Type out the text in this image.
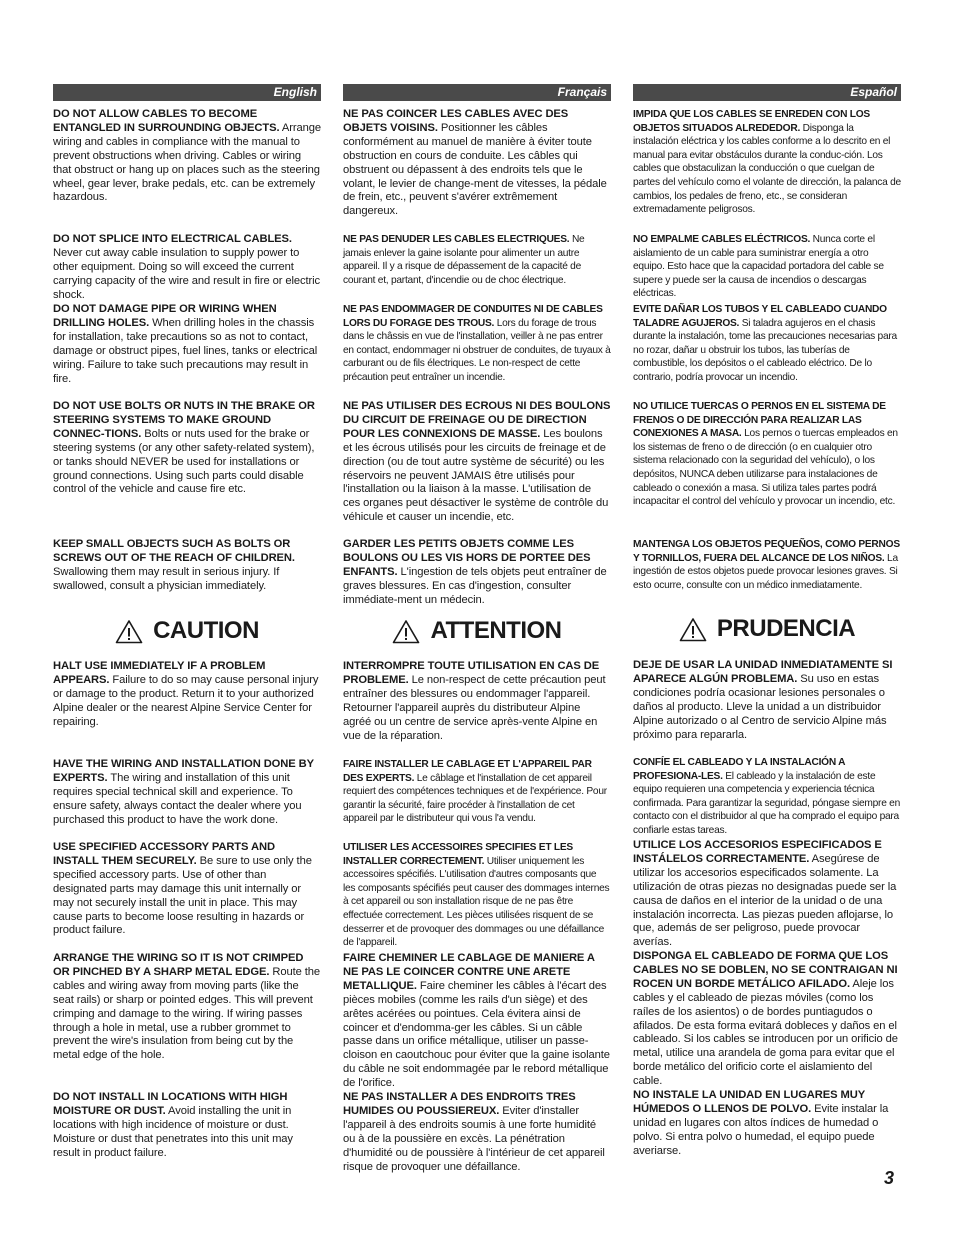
English
DO NOT ALLOW CABLES TO BECOME ENTANGLED IN SURROUNDING OBJECTS. Arrange wiring and cables in compliance with the manual to prevent obstructions when driving. Cables or wiring that obstruct or hang up on places such as the steering wheel, gear lever, brake pedals, etc. can be extremely hazardous.
DO NOT SPLICE INTO ELECTRICAL CABLES. Never cut away cable insulation to supply power to other equipment. Doing so will exceed the current carrying capacity of the wire and result in fire or electric shock.
DO NOT DAMAGE PIPE OR WIRING WHEN DRILLING HOLES. When drilling holes in the chassis for installation, take precautions so as not to contact, damage or obstruct pipes, fuel lines, tanks or electrical wiring. Failure to take such precautions may result in fire.
DO NOT USE BOLTS OR NUTS IN THE BRAKE OR STEERING SYSTEMS TO MAKE GROUND CONNEC-TIONS. Bolts or nuts used for the brake or steering systems (or any other safety-related system), or tanks should NEVER be used for installations or ground connections. Using such parts could disable control of the vehicle and cause fire etc.
KEEP SMALL OBJECTS SUCH AS BOLTS OR SCREWS OUT OF THE REACH OF CHILDREN. Swallowing them may result in serious injury. If swallowed, consult a physician immediately.
CAUTION
HALT USE IMMEDIATELY IF A PROBLEM APPEARS. Failure to do so may cause personal injury or damage to the product. Return it to your authorized Alpine dealer or the nearest Alpine Service Center for repairing.
HAVE THE WIRING AND INSTALLATION DONE BY EXPERTS. The wiring and installation of this unit requires special technical skill and experience. To ensure safety, always contact the dealer where you purchased this product to have the work done.
USE SPECIFIED ACCESSORY PARTS AND INSTALL THEM SECURELY. Be sure to use only the specified accessory parts. Use of other than designated parts may damage this unit internally or may not securely install the unit in place. This may cause parts to become loose resulting in hazards or product failure.
ARRANGE THE WIRING SO IT IS NOT CRIMPED OR PINCHED BY A SHARP METAL EDGE. Route the cables and wiring away from moving parts (like the seat rails) or sharp or pointed edges. This will prevent crimping and damage to the wiring. If wiring passes through a hole in metal, use a rubber grommet to prevent the wire's insulation from being cut by the metal edge of the hole.
DO NOT INSTALL IN LOCATIONS WITH HIGH MOISTURE OR DUST. Avoid installing the unit in locations with high incidence of moisture or dust. Moisture or dust that penetrates into this unit may result in product failure.
Français
NE PAS COINCER LES CABLES AVEC DES OBJETS VOISINS. Positionner les câbles conformément au manuel de manière à éviter toute obstruction en cours de conduite. Les câbles qui obstruent ou dépassent à des endroits tels que le volant, le levier de change-ment de vitesses, la pédale de frein, etc., peuvent s'avérer extrêmement dangereux.
NE PAS DENUDER LES CABLES ELECTRIQUES. Ne jamais enlever la gaine isolante pour alimenter un autre appareil. Il y a risque de dépassement de la capacité de courant et, partant, d'incendie ou de choc électrique.
NE PAS ENDOMMAGER DE CONDUITES NI DE CABLES LORS DU FORAGE DES TROUS. Lors du forage de trous dans le châssis en vue de l'installation, veiller à ne pas entrer en contact, endommager ni obstruer de conduites, de tuyaux à carburant ou de fils électriques. Le non-respect de cette précaution peut entraîner un incendie.
NE PAS UTILISER DES ECROUS NI DES BOULONS DU CIRCUIT DE FREINAGE OU DE DIRECTION POUR LES CONNEXIONS DE MASSE. Les boulons et les écrous utilisés pour les circuits de freinage et de direction (ou de tout autre système de sécurité) ou les réservoirs ne peuvent JAMAIS être utilisés pour l'installation ou la liaison à la masse. L'utilisation de ces organes peut désactiver le système de contrôle du véhicule et causer un incendie, etc.
GARDER LES PETITS OBJETS COMME LES BOULONS OU LES VIS HORS DE PORTEE DES ENFANTS. L'ingestion de tels objets peut entraîner de graves blessures. En cas d'ingestion, consulter immédiate-ment un médecin.
ATTENTION
INTERROMPRE TOUTE UTILISATION EN CAS DE PROBLEME. Le non-respect de cette précaution peut entraîner des blessures ou endommager l'appareil. Retourner l'appareil auprès du distributeur Alpine agréé ou un centre de service après-vente Alpine en vue de la réparation.
FAIRE INSTALLER LE CABLAGE ET L'APPAREIL PAR DES EXPERTS. Le câblage et l'installation de cet appareil requiert des compétences techniques et de l'expérience. Pour garantir la sécurité, faire procéder à l'installation de cet appareil par le distributeur qui vous l'a vendu.
UTILISER LES ACCESSOIRES SPECIFIES ET LES INSTALLER CORRECTEMENT. Utiliser uniquement les accessoires spécifiés. L'utilisation d'autres composants que les composants spécifiés peut causer des dommages internes à cet appareil ou son installation risque de ne pas être effectuée correctement. Les pièces utilisées risquent de se desserrer et de provoquer des dommages ou une défaillance de l'appareil.
FAIRE CHEMINER LE CABLAGE DE MANIERE A NE PAS LE COINCER CONTRE UNE ARETE METALLIQUE. Faire cheminer les câbles à l'écart des pièces mobiles (comme les rails d'un siège) et des arêtes acérées ou pointues. Cela évitera ainsi de coincer et d'endomma-ger les câbles. Si un câble passe dans un orifice métallique, utiliser un passe-cloison en caoutchouc pour éviter que la gaine isolante du câble ne soit endommagée par le rebord métallique de l'orifice.
NE PAS INSTALLER A DES ENDROITS TRES HUMIDES OU POUSSIEREUX. Eviter d'installer l'appareil à des endroits soumis à une forte humidité ou à de la poussière en excès. La pénétration d'humidité ou de poussière à l'intérieur de cet appareil risque de provoquer une défaillance.
Español
IMPIDA QUE LOS CABLES SE ENREDEN CON LOS OBJETOS SITUADOS ALREDEDOR. Disponga la instalación eléctrica y los cables conforme a lo descrito en el manual para evitar obstáculos durante la conduc-ción. Los cables que obstaculizan la conducción o que cuelgan de partes del vehículo como el volante de dirección, la palanca de cambios, los pedales de freno, etc., se consideran extremadamente peligrosos.
NO EMPALME CABLES ELÉCTRICOS. Nunca corte el aislamiento de un cable para suministrar energía a otro equipo. Esto hace que la capacidad portadora del cable se supere y puede ser la causa de incendios o descargas eléctricas.
EVITE DAÑAR LOS TUBOS Y EL CABLEADO CUANDO TALADRE AGUJEROS. Si taladra agujeros en el chasis durante la instalación, tome las precauciones necesarias para no rozar, dañar u obstruir los tubos, las tuberías de combustible, los depósitos o el cableado eléctrico. De lo contrario, podría provocar un incendio.
NO UTILICE TUERCAS O PERNOS EN EL SISTEMA DE FRENOS O DE DIRECCIÓN PARA REALIZAR LAS CONEXIONES A MASA. Los pernos o tuercas empleados en los sistemas de freno o de dirección (o en cualquier otro sistema relacionado con la seguridad del vehículo), o los depósitos, NUNCA deben utilizarse para instalaciones de cableado o conexión a masa. Si utiliza tales partes podrá incapacitar el control del vehículo y provocar un incendio, etc.
MANTENGA LOS OBJETOS PEQUEÑOS, COMO PERNOS Y TORNILLOS, FUERA DEL ALCANCE DE LOS NIÑOS. La ingestión de estos objetos puede provocar lesiones graves. Si esto ocurre, consulte con un médico inmediatamente.
PRUDENCIA
DEJE DE USAR LA UNIDAD INMEDIATAMENTE SI APARECE ALGÚN PROBLEMA. Su uso en estas condiciones podría ocasionar lesiones personales o daños al producto. Lleve la unidad a un distribuidor Alpine autorizado o al Centro de servicio Alpine más próximo para repararla.
CONFÍE EL CABLEADO Y LA INSTALACIÓN A PROFESIONA-LES. El cableado y la instalación de este equipo requieren una competencia y experiencia técnica confirmada. Para garantizar la seguridad, póngase siempre en contacto con el distribuidor al que ha comprado el equipo para confiarle estas tareas.
UTILICE LOS ACCESORIOS ESPECIFICADOS E INSTÁLELOS CORRECTAMENTE. Asegúrese de utilizar los accesorios especificados solamente. La utilización de otras piezas no designadas puede ser la causa de daños en el interior de la unidad o de una instalación incorrecta. Las piezas pueden aflojarse, lo que, además de ser peligroso, puede provocar averías.
DISPONGA EL CABLEADO DE FORMA QUE LOS CABLES NO SE DOBLEN, NO SE CONTRAIGAN NI ROCEN UN BORDE METÁLICO AFILADO. Aleje los cables y el cableado de piezas móviles (como los raíles de los asientos) o de bordes puntiagudos o afilados. De esta forma evitará dobleces y daños en el cableado. Si los cables se introducen por un orificio de metal, utilice una arandela de goma para evitar que el borde metálico del orificio corte el aislamiento del cable.
NO INSTALE LA UNIDAD EN LUGARES MUY HÚMEDOS O LLENOS DE POLVO. Evite instalar la unidad en lugares con altos índices de humedad o polvo. Si entra polvo o humedad, el equipo puede averiarse.
3
